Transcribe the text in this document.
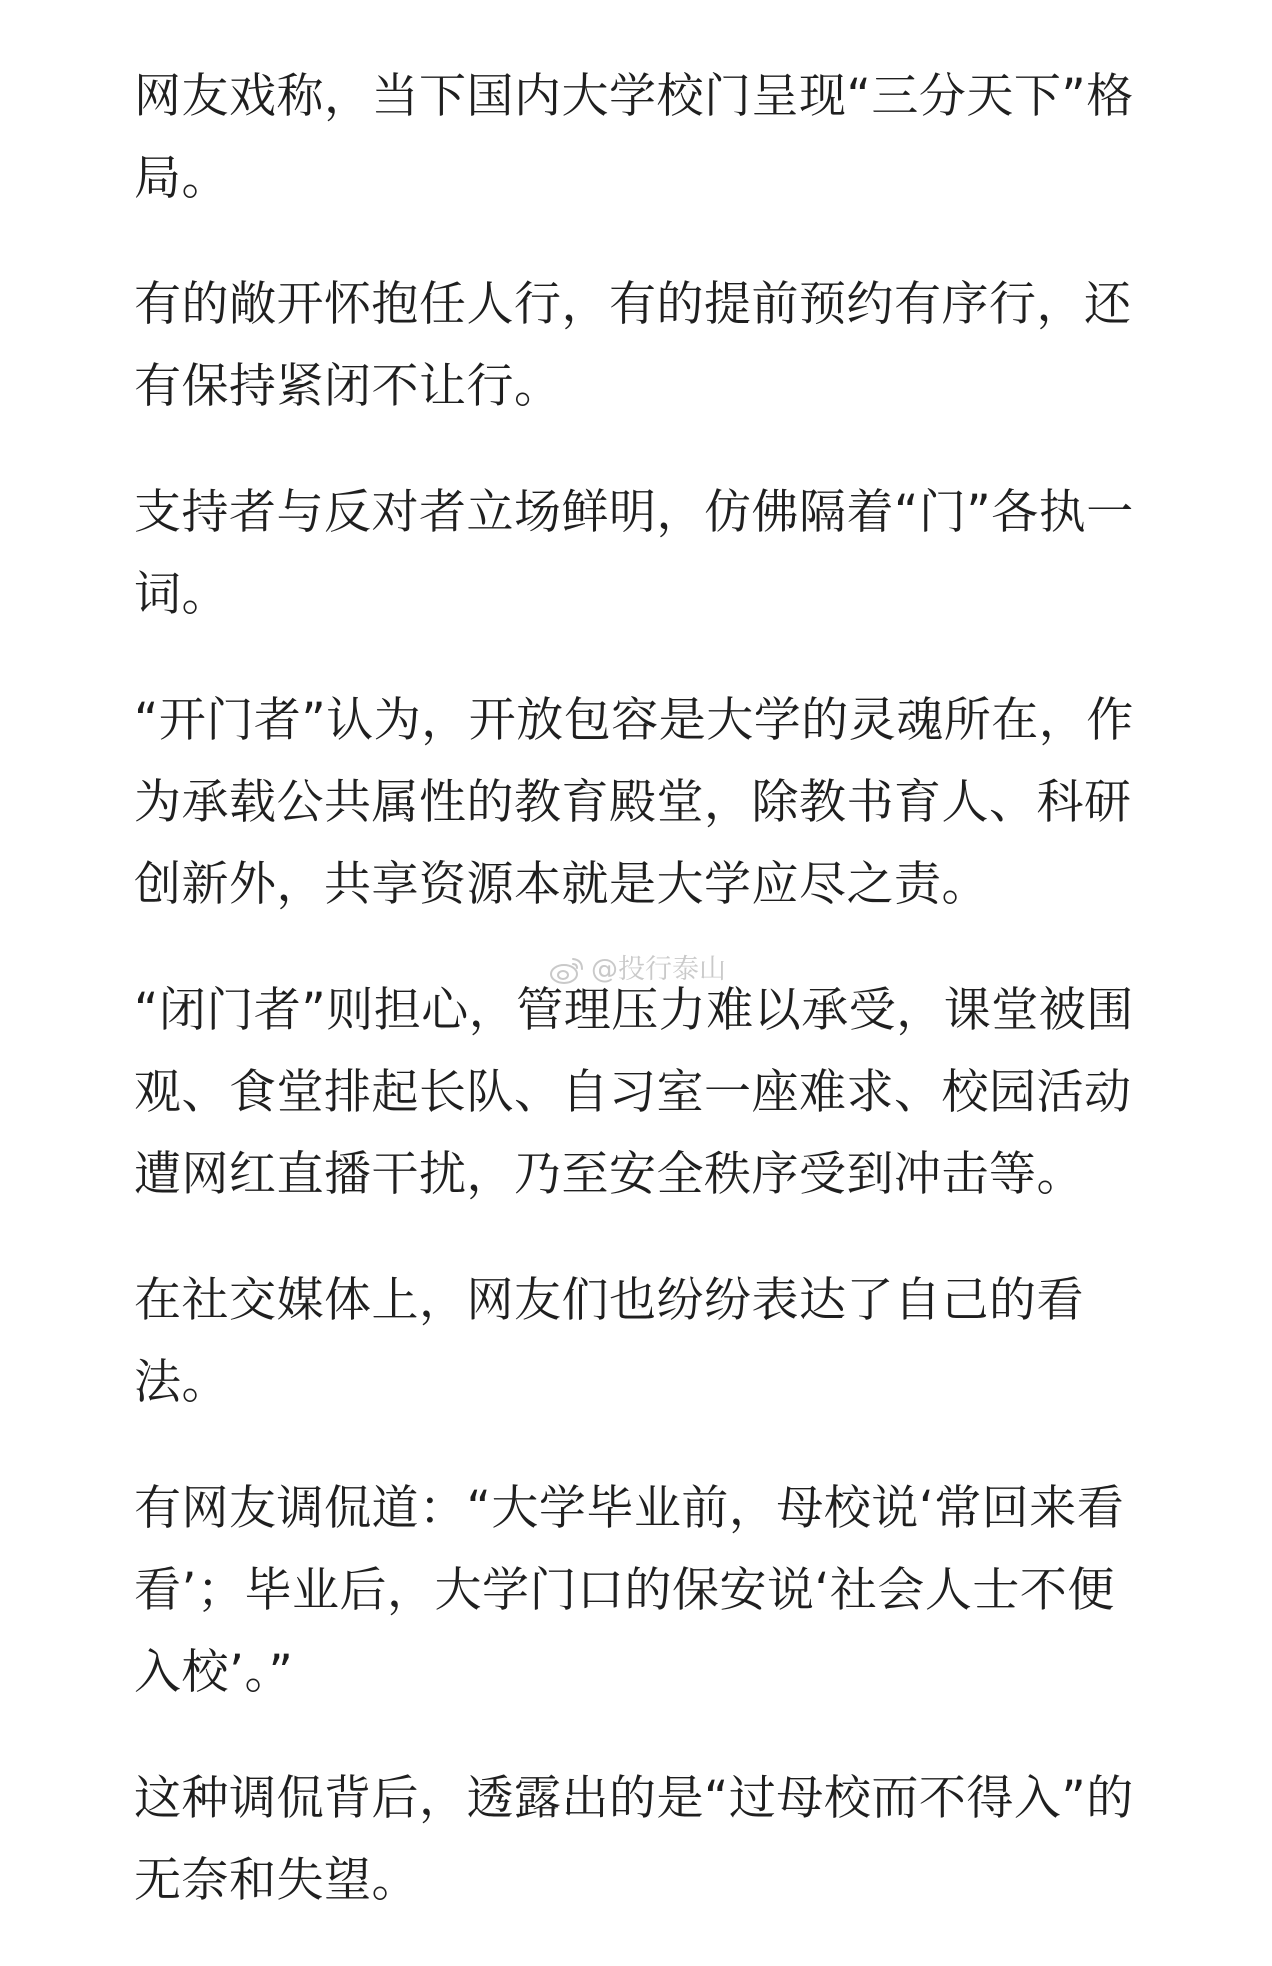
网友戏称，当下国内大学校门呈现“三分天下”格局。

有的敞开怀抱任人行，有的提前预约有序行，还有保持紧闭不让行。

支持者与反对者立场鲜明，仿佛隔着“门”各执一词。

“开门者”认为，开放包容是大学的灵魂所在，作为承载公共属性的教育殿堂，除教书育人、科研创新外，共享资源本就是大学应尽之责。

“闭门者”则担心，管理压力难以承受，课堂被围观、食堂排起长队、自习室一座难求、校园活动遭网红直播干扰，乃至安全秩序受到冲击等。

在社交媒体上，网友们也纷纷表达了自己的看法。

有网友调侃道：“大学毕业前，母校说‘常回来看看’；毕业后，大学门口的保安说‘社会人士不便入校’。”

这种调侃背后，透露出的是“过母校而不得入”的无奈和失望。

@投行泰山
